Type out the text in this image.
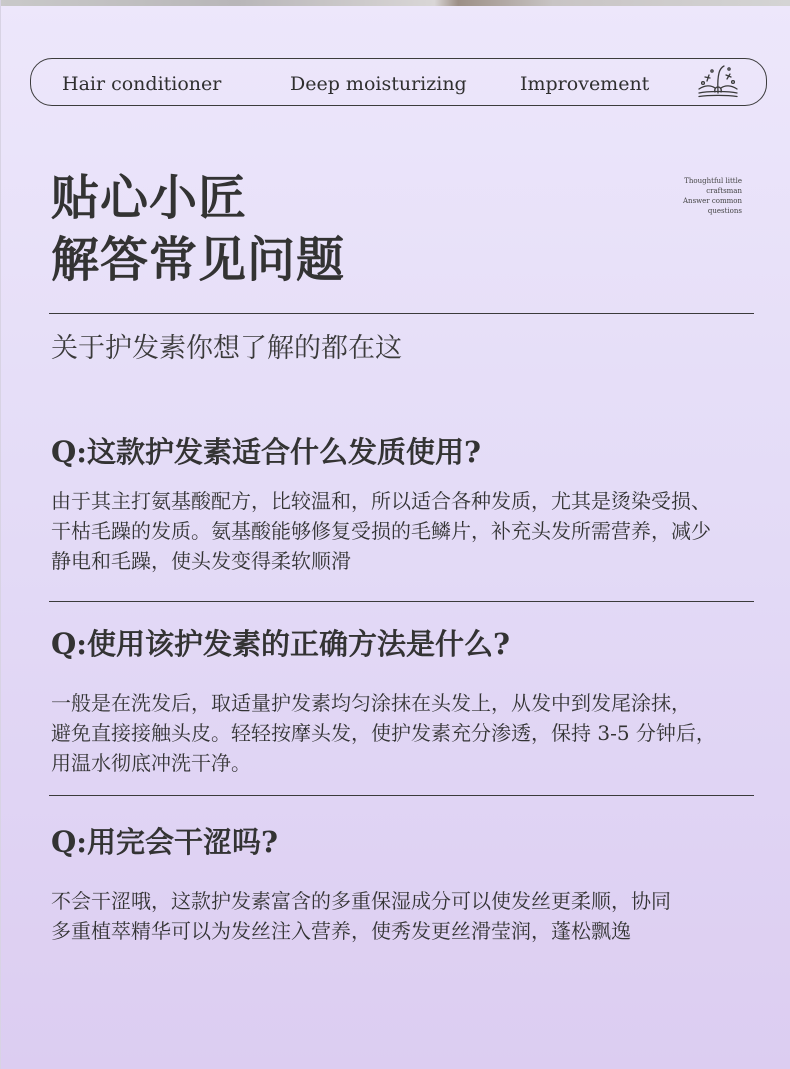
Hair conditioner	Deep moisturizing	Improvement
贴心小匠
解答常见问题
Thoughtful little
craftsman
Answer common
questions
关于护发素你想了解的都在这
Q:这款护发素适合什么发质使用?
由于其主打氨基酸配方，比较温和，所以适合各种发质，尤其是烫染受损、
干枯毛躁的发质。氨基酸能够修复受损的毛鳞片，补充头发所需营养，减少
静电和毛躁，使头发变得柔软顺滑
Q:使用该护发素的正确方法是什么?
一般是在洗发后，取适量护发素均匀涂抹在头发上，从发中到发尾涂抹，
避免直接接触头皮。轻轻按摩头发，使护发素充分渗透，保持 3-5 分钟后，
用温水彻底冲洗干净。
Q:用完会干涩吗?
不会干涩哦，这款护发素富含的多重保湿成分可以使发丝更柔顺，协同
多重植萃精华可以为发丝注入营养，使秀发更丝滑莹润，蓬松飘逸
